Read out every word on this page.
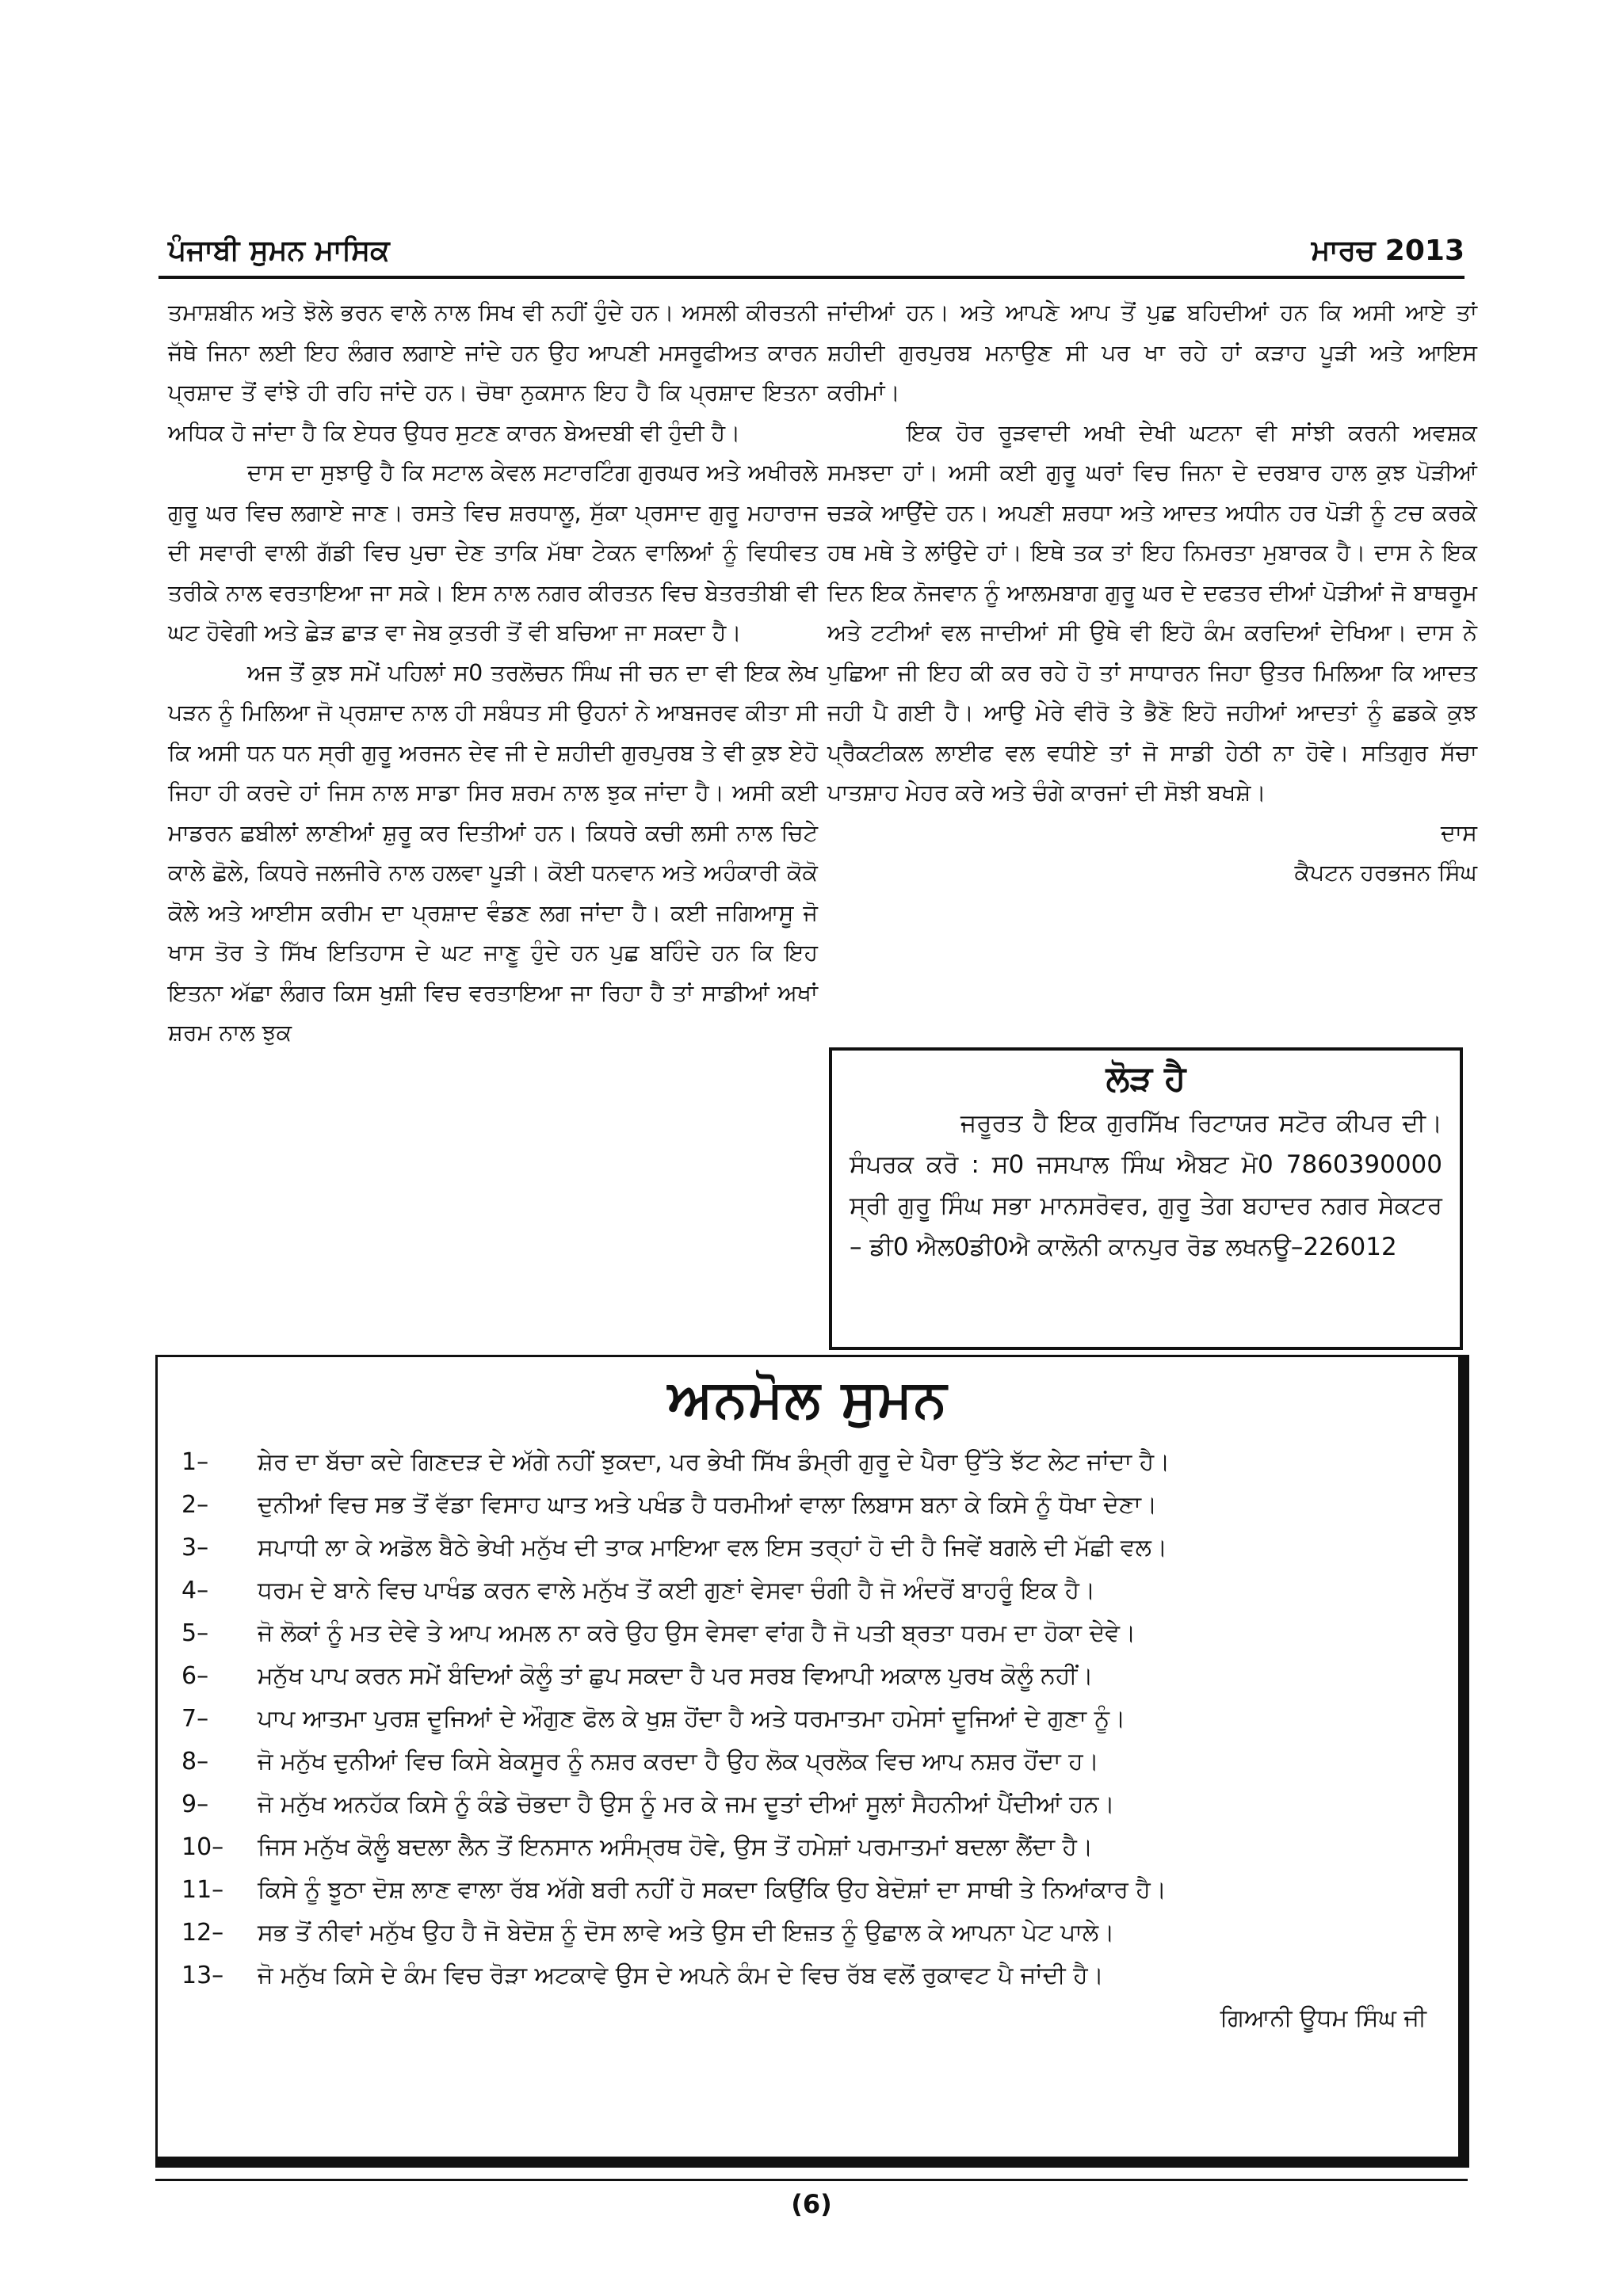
ਪੰਜਾਬੀ ਸੁਮਨ ਮਾਸਿਕ	ਮਾਰਚ 2013

ਤਮਾਸ਼ਬੀਨ ਅਤੇ ਝੋਲੇ ਭਰਨ ਵਾਲੇ ਨਾਲ ਸਿਖ ਵੀ ਨਹੀਂ ਹੁੰਦੇ ਹਨ। ਅਸਲੀ ਕੀਰਤਨੀ ਜੱਥੇ ਜਿਨਾ ਲਈ ਇਹ ਲੰਗਰ ਲਗਾਏ ਜਾਂਦੇ ਹਨ ਉਹ ਆਪਣੀ ਮਸਰੂਫੀਅਤ ਕਾਰਨ ਪ੍ਰਸ਼ਾਦ ਤੋਂ ਵਾਂਝੇ ਹੀ ਰਹਿ ਜਾਂਦੇ ਹਨ। ਚੋਥਾ ਨੁਕਸਾਨ ਇਹ ਹੈ ਕਿ ਪ੍ਰਸ਼ਾਦ ਇਤਨਾ ਅਧਿਕ ਹੋ ਜਾਂਦਾ ਹੈ ਕਿ ਏਧਰ ਉਧਰ ਸੁਟਣ ਕਾਰਨ ਬੇਅਦਬੀ ਵੀ ਹੁੰਦੀ ਹੈ।

ਦਾਸ ਦਾ ਸੁਝਾਉ ਹੈ ਕਿ ਸਟਾਲ ਕੇਵਲ ਸਟਾਰਟਿੰਗ ਗੁਰਘਰ ਅਤੇ ਅਖੀਰਲੇ ਗੁਰੂ ਘਰ ਵਿਚ ਲਗਾਏ ਜਾਣ। ਰਸਤੇ ਵਿਚ ਸ਼ਰਧਾਲੂ, ਸੁੱਕਾ ਪ੍ਰਸਾਦ ਗੁਰੂ ਮਹਾਰਾਜ ਦੀ ਸਵਾਰੀ ਵਾਲੀ ਗੱਡੀ ਵਿਚ ਪੁਚਾ ਦੇਣ ਤਾਕਿ ਮੱਥਾ ਟੇਕਨ ਵਾਲਿਆਂ ਨੂੰ ਵਿਧੀਵਤ ਤਰੀਕੇ ਨਾਲ ਵਰਤਾਇਆ ਜਾ ਸਕੇ। ਇਸ ਨਾਲ ਨਗਰ ਕੀਰਤਨ ਵਿਚ ਬੇਤਰਤੀਬੀ ਵੀ ਘਟ ਹੋਵੇਗੀ ਅਤੇ ਛੇੜ ਛਾੜ ਵਾ ਜੇਬ ਕੁਤਰੀ ਤੋਂ ਵੀ ਬਚਿਆ ਜਾ ਸਕਦਾ ਹੈ।

ਅਜ ਤੋਂ ਕੁਝ ਸਮੇਂ ਪਹਿਲਾਂ ਸ0 ਤਰਲੋਚਨ ਸਿੰਘ ਜੀ ਚਨ ਦਾ ਵੀ ਇਕ ਲੇਖ ਪੜਨ ਨੂੰ ਮਿਲਿਆ ਜੋ ਪ੍ਰਸ਼ਾਦ ਨਾਲ ਹੀ ਸਬੰਧਤ ਸੀ ਉਹਨਾਂ ਨੇ ਆਬਜਰਵ ਕੀਤਾ ਸੀ ਕਿ ਅਸੀ ਧਨ ਧਨ ਸ੍ਰੀ ਗੁਰੂ ਅਰਜਨ ਦੇਵ ਜੀ ਦੇ ਸ਼ਹੀਦੀ ਗੁਰਪੁਰਬ ਤੇ ਵੀ ਕੁਝ ਏਹੋ ਜਿਹਾ ਹੀ ਕਰਦੇ ਹਾਂ ਜਿਸ ਨਾਲ ਸਾਡਾ ਸਿਰ ਸ਼ਰਮ ਨਾਲ ਝੁਕ ਜਾਂਦਾ ਹੈ। ਅਸੀ ਕਈ ਮਾਡਰਨ ਛਬੀਲਾਂ ਲਾਣੀਆਂ ਸ਼ੁਰੂ ਕਰ ਦਿਤੀਆਂ ਹਨ। ਕਿਧਰੇ ਕਚੀ ਲਸੀ ਨਾਲ ਚਿਟੇ ਕਾਲੇ ਛੋਲੇ, ਕਿਧਰੇ ਜਲਜੀਰੇ ਨਾਲ ਹਲਵਾ ਪੂੜੀ। ਕੋਈ ਧਨਵਾਨ ਅਤੇ ਅਹੰਕਾਰੀ ਕੋਕੋ ਕੋਲੇ ਅਤੇ ਆਈਸ ਕਰੀਮ ਦਾ ਪ੍ਰਸ਼ਾਦ ਵੰਡਣ ਲਗ ਜਾਂਦਾ ਹੈ। ਕਈ ਜਗਿਆਸੂ ਜੋ ਖਾਸ ਤੋਰ ਤੇ ਸਿੱਖ ਇਤਿਹਾਸ ਦੇ ਘਟ ਜਾਣੂ ਹੁੰਦੇ ਹਨ ਪੁਛ ਬਹਿੰਦੇ ਹਨ ਕਿ ਇਹ ਇਤਨਾ ਅੱਛਾ ਲੰਗਰ ਕਿਸ ਖੁਸ਼ੀ ਵਿਚ ਵਰਤਾਇਆ ਜਾ ਰਿਹਾ ਹੈ ਤਾਂ ਸਾਡੀਆਂ ਅਖਾਂ ਸ਼ਰਮ ਨਾਲ ਝੁਕ

ਜਾਂਦੀਆਂ ਹਨ। ਅਤੇ ਆਪਣੇ ਆਪ ਤੋਂ ਪੁਛ ਬਹਿਦੀਆਂ ਹਨ ਕਿ ਅਸੀ ਆਏ ਤਾਂ ਸ਼ਹੀਦੀ ਗੁਰਪੁਰਬ ਮਨਾਉਣ ਸੀ ਪਰ ਖਾ ਰਹੇ ਹਾਂ ਕੜਾਹ ਪੂੜੀ ਅਤੇ ਆਇਸ ਕਰੀਮਾਂ।

ਇਕ ਹੋਰ ਰੂੜਵਾਦੀ ਅਖੀ ਦੇਖੀ ਘਟਨਾ ਵੀ ਸਾਂਝੀ ਕਰਨੀ ਅਵਸ਼ਕ ਸਮਝਦਾ ਹਾਂ। ਅਸੀ ਕਈ ਗੁਰੂ ਘਰਾਂ ਵਿਚ ਜਿਨਾ ਦੇ ਦਰਬਾਰ ਹਾਲ ਕੁਝ ਪੋੜੀਆਂ ਚੜਕੇ ਆਉਂਦੇ ਹਨ। ਅਪਣੀ ਸ਼ਰਧਾ ਅਤੇ ਆਦਤ ਅਧੀਨ ਹਰ ਪੋੜੀ ਨੂੰ ਟਚ ਕਰਕੇ ਹਥ ਮਥੇ ਤੇ ਲਾਂਉਦੇ ਹਾਂ। ਇਥੇ ਤਕ ਤਾਂ ਇਹ ਨਿਮਰਤਾ ਮੁਬਾਰਕ ਹੈ। ਦਾਸ ਨੇ ਇਕ ਦਿਨ ਇਕ ਨੋਜਵਾਨ ਨੂੰ ਆਲਮਬਾਗ ਗੁਰੂ ਘਰ ਦੇ ਦਫਤਰ ਦੀਆਂ ਪੋੜੀਆਂ ਜੋ ਬਾਥਰੂਮ ਅਤੇ ਟਟੀਆਂ ਵਲ ਜਾਦੀਆਂ ਸੀ ਉਥੇ ਵੀ ਇਹੋ ਕੰਮ ਕਰਦਿਆਂ ਦੇਖਿਆ। ਦਾਸ ਨੇ ਪੁਛਿਆ ਜੀ ਇਹ ਕੀ ਕਰ ਰਹੇ ਹੋ ਤਾਂ ਸਾਧਾਰਨ ਜਿਹਾ ਉਤਰ ਮਿਲਿਆ ਕਿ ਆਦਤ ਜਹੀ ਪੈ ਗਈ ਹੈ। ਆਉ ਮੇਰੇ ਵੀਰੋ ਤੇ ਭੈਣੋ ਇਹੋ ਜਹੀਆਂ ਆਦਤਾਂ ਨੂੰ ਛਡਕੇ ਕੁਝ ਪ੍ਰੈਕਟੀਕਲ ਲਾਈਫ ਵਲ ਵਧੀਏ ਤਾਂ ਜੋ ਸਾਡੀ ਹੇਠੀ ਨਾ ਹੋਵੇ। ਸਤਿਗੁਰ ਸੱਚਾ ਪਾਤਸ਼ਾਹ ਮੇਹਰ ਕਰੇ ਅਤੇ ਚੰਗੇ ਕਾਰਜਾਂ ਦੀ ਸੋਝੀ ਬਖਸ਼ੇ।

ਦਾਸ

ਕੈਪਟਨ ਹਰਭਜਨ ਸਿੰਘ

ਲੋੜ ਹੈ

ਜਰੂਰਤ ਹੈ ਇਕ ਗੁਰਸਿੱਖ ਰਿਟਾਯਰ ਸਟੋਰ ਕੀਪਰ ਦੀ। ਸੰਪਰਕ ਕਰੋ : ਸ0 ਜਸਪਾਲ ਸਿੰਘ ਐਬਟ ਮੋ0 7860390000 ਸ੍ਰੀ ਗੁਰੂ ਸਿੰਘ ਸਭਾ ਮਾਨਸਰੋਵਰ, ਗੁਰੂ ਤੇਗ ਬਹਾਦਰ ਨਗਰ ਸੇਕਟਰ – ਡੀ0 ਐਲ0ਡੀ0ਐ ਕਾਲੋਨੀ ਕਾਨਪੁਰ ਰੋਡ ਲਖਨਊ–226012

ਅਨਮੋਲ ਸੁਮਨ
1–	ਸ਼ੇਰ ਦਾ ਬੱਚਾ ਕਦੇ ਗਿਣਦੜ ਦੇ ਅੱਗੇ ਨਹੀਂ ਝੁਕਦਾ, ਪਰ ਭੇਖੀ ਸਿੱਖ ਡੰਮ੍ਰੀ ਗੁਰੂ ਦੇ ਪੈਰਾ ਉੱਤੇ ਝੱਟ ਲੇਟ ਜਾਂਦਾ ਹੈ।
2–	ਦੁਨੀਆਂ ਵਿਚ ਸਭ ਤੋਂ ਵੱਡਾ ਵਿਸਾਹ ਘਾਤ ਅਤੇ ਪਖੰਡ ਹੈ ਧਰਮੀਆਂ ਵਾਲਾ ਲਿਬਾਸ ਬਨਾ ਕੇ ਕਿਸੇ ਨੂੰ ਧੋਖਾ ਦੇਣਾ।
3–	ਸਪਾਧੀ ਲਾ ਕੇ ਅਡੋਲ ਬੈਠੇ ਭੇਖੀ ਮਨੁੱਖ ਦੀ ਤਾਕ ਮਾਇਆ ਵਲ ਇਸ ਤਰ੍ਹਾਂ ਹੋ ਦੀ ਹੈ ਜਿਵੇਂ ਬਗਲੇ ਦੀ ਮੱਛੀ ਵਲ।
4–	ਧਰਮ ਦੇ ਬਾਨੇ ਵਿਚ ਪਾਖੰਡ ਕਰਨ ਵਾਲੇ ਮਨੁੱਖ ਤੋਂ ਕਈ ਗੁਣਾਂ ਵੇਸਵਾ ਚੰਗੀ ਹੈ ਜੋ ਅੰਦਰੋਂ ਬਾਹਰੂੰ ਇਕ ਹੈ।
5–	ਜੋ ਲੋਕਾਂ ਨੂੰ ਮਤ ਦੇਵੇ ਤੇ ਆਪ ਅਮਲ ਨਾ ਕਰੇ ਉਹ ਉਸ ਵੇਸਵਾ ਵਾਂਗ ਹੈ ਜੋ ਪਤੀ ਬ੍ਰਤਾ ਧਰਮ ਦਾ ਹੋਕਾ ਦੇਵੇ।
6–	ਮਨੁੱਖ ਪਾਪ ਕਰਨ ਸਮੇਂ ਬੰਦਿਆਂ ਕੋਲੂੰ ਤਾਂ ਛੁਪ ਸਕਦਾ ਹੈ ਪਰ ਸਰਬ ਵਿਆਪੀ ਅਕਾਲ ਪੁਰਖ ਕੋਲੂੰ ਨਹੀਂ।
7–	ਪਾਪ ਆਤਮਾ ਪੁਰਸ਼ ਦੂਜਿਆਂ ਦੇ ਔਗੁਣ ਫੋਲ ਕੇ ਖੁਸ਼ ਹੋਂਦਾ ਹੈ ਅਤੇ ਧਰਮਾਤਮਾ ਹਮੇਸਾਂ ਦੂਜਿਆਂ ਦੇ ਗੁਣਾ ਨੂੰ।
8–	ਜੋ ਮਨੁੱਖ ਦੁਨੀਆਂ ਵਿਚ ਕਿਸੇ ਬੇਕਸੂਰ ਨੂੰ ਨਸ਼ਰ ਕਰਦਾ ਹੈ ਉਹ ਲੋਕ ਪ੍ਰਲੋਕ ਵਿਚ ਆਪ ਨਸ਼ਰ ਹੋਂਦਾ ਹ।
9–	ਜੋ ਮਨੁੱਖ ਅਨਹੱਕ ਕਿਸੇ ਨੂੰ ਕੰਡੇ ਚੋਭਦਾ ਹੈ ਉਸ ਨੂੰ ਮਰ ਕੇ ਜਮ ਦੂਤਾਂ ਦੀਆਂ ਸੂਲਾਂ ਸੈਹਨੀਆਂ ਪੈਂਦੀਆਂ ਹਨ।
10–	ਜਿਸ ਮਨੁੱਖ ਕੋਲੂੰ ਬਦਲਾ ਲੈਨ ਤੋਂ ਇਨਸਾਨ ਅਸੰਮ੍ਰਥ ਹੋਵੇ, ਉਸ ਤੋਂ ਹਮੇਸ਼ਾਂ ਪਰਮਾਤਮਾਂ ਬਦਲਾ ਲੈਂਦਾ ਹੈ।
11–	ਕਿਸੇ ਨੂੰ ਝੂਠਾ ਦੋਸ਼ ਲਾਣ ਵਾਲਾ ਰੱਬ ਅੱਗੇ ਬਰੀ ਨਹੀਂ ਹੋ ਸਕਦਾ ਕਿਉਂਕਿ ਉਹ ਬੇਦੋਸ਼ਾਂ ਦਾ ਸਾਥੀ ਤੇ ਨਿਆਂਕਾਰ ਹੈ।
12–	ਸਭ ਤੋਂ ਨੀਵਾਂ ਮਨੁੱਖ ਉਹ ਹੈ ਜੋ ਬੇਦੋਸ਼ ਨੂੰ ਦੋਸ ਲਾਵੇ ਅਤੇ ਉਸ ਦੀ ਇਜ਼ਤ ਨੂੰ ਉਛਾਲ ਕੇ ਆਪਨਾ ਪੇਟ ਪਾਲੇ।
13–	ਜੋ ਮਨੁੱਖ ਕਿਸੇ ਦੇ ਕੰਮ ਵਿਚ ਰੋੜਾ ਅਟਕਾਵੇ ਉਸ ਦੇ ਅਪਨੇ ਕੰਮ ਦੇ ਵਿਚ ਰੱਬ ਵਲੋਂ ਰੁਕਾਵਟ ਪੈ ਜਾਂਦੀ ਹੈ।
ਗਿਆਨੀ ਊਧਮ ਸਿੰਘ ਜੀ
(6)
